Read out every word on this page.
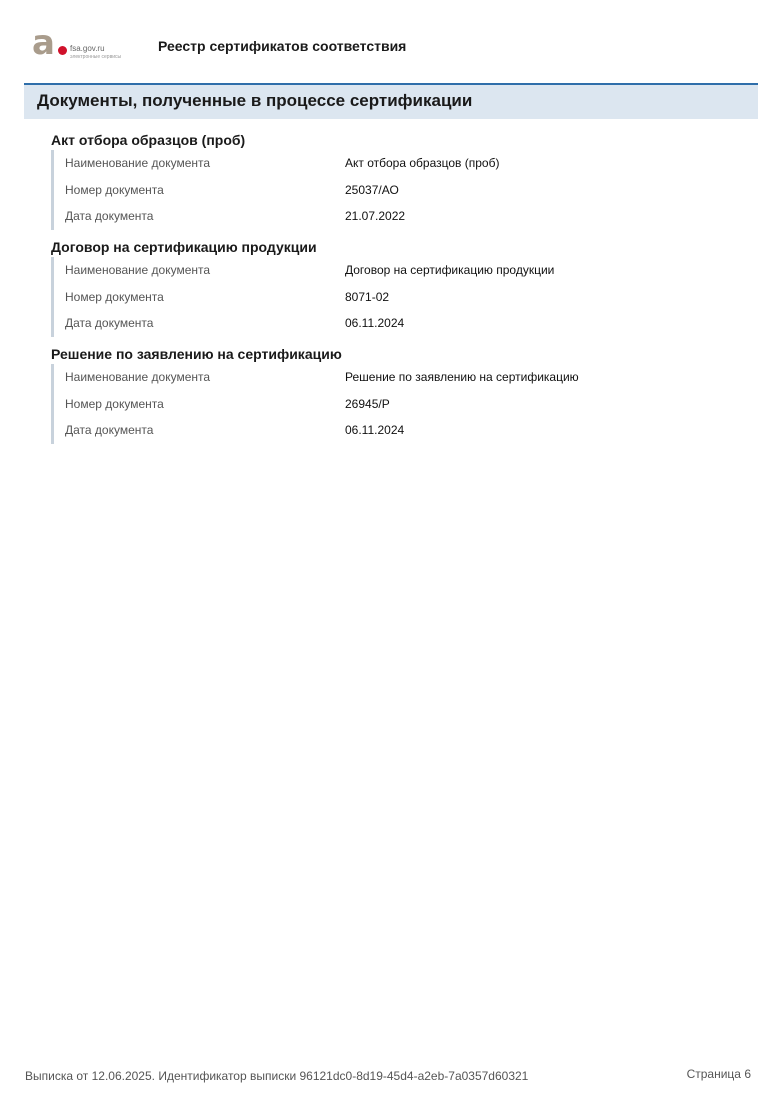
a fsa.gov.ru
электронные сервисы
Реестр сертификатов соответствия
Документы, полученные в процессе сертификации
Акт отбора образцов (проб)
Наименование документа	Акт отбора образцов (проб)
Номер документа	25037/АО
Дата документа	21.07.2022
Договор на сертификацию продукции
Наименование документа	Договор на сертификацию продукции
Номер документа	8071-02
Дата документа	06.11.2024
Решение по заявлению на сертификацию
Наименование документа	Решение по заявлению на сертификацию
Номер документа	26945/Р
Дата документа	06.11.2024
Выписка от 12.06.2025. Идентификатор выписки 96121dc0-8d19-45d4-a2eb-7a0357d60321	Страница 6
